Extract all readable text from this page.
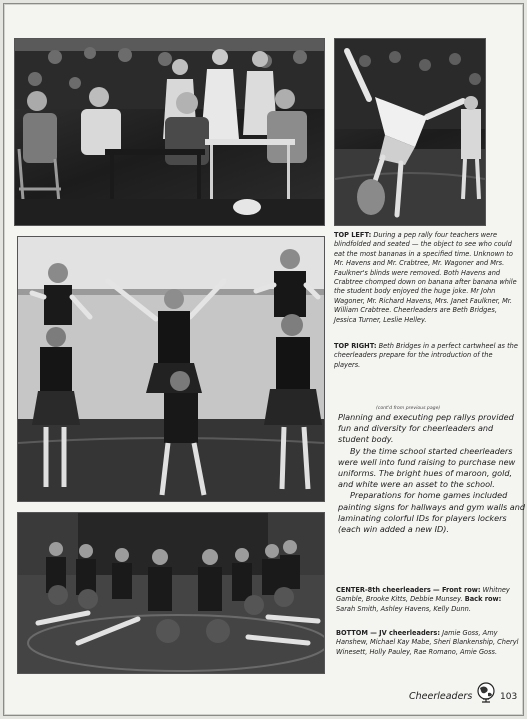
TOP LEFT: During a pep rally four teachers were blindfolded and seated — the object to see who could eat the most bananas in a specified time. Unknown to Mr. Havens and Mr. Crabtree, Mr. Wagoner and Mrs. Faulkner's blinds were removed. Both Havens and Crabtree chomped down on banana after banana while the student body enjoyed the huge joke. Mr John Wagoner, Mr. Richard Havens, Mrs. Janet Faulkner, Mr. William Crabtree. Cheerleaders are Beth Bridges, Jessica Turner, Leslie Helley.
TOP RIGHT: Beth Bridges in a perfect cartwheel as the cheerleaders prepare for the introduction of the players.
(cont'd from previous page)

Planning and executing pep rallys provided fun and diversity for cheerleaders and student body.

By the time school started cheerleaders were well into fund raising to purchase new uniforms. The bright hues of maroon, gold, and white were an asset to the school.

Preparations for home games included painting signs for hallways and gym walls and laminating colorful IDs for players lockers (each win added a new ID).

CENTER-8th cheerleaders — Front row: Whitney Gamble, Brooke Kitts, Debbie Munsey. Back row: Sarah Smith, Ashley Havens, Kelly Dunn.
BOTTOM — JV cheerleaders: Jamie Goss, Amy Hanshew, Michael Kay Mabe, Sheri Blankenship, Cheryl Winesett, Holly Pauley, Rae Romano, Amie Goss.
Cheerleaders	103
